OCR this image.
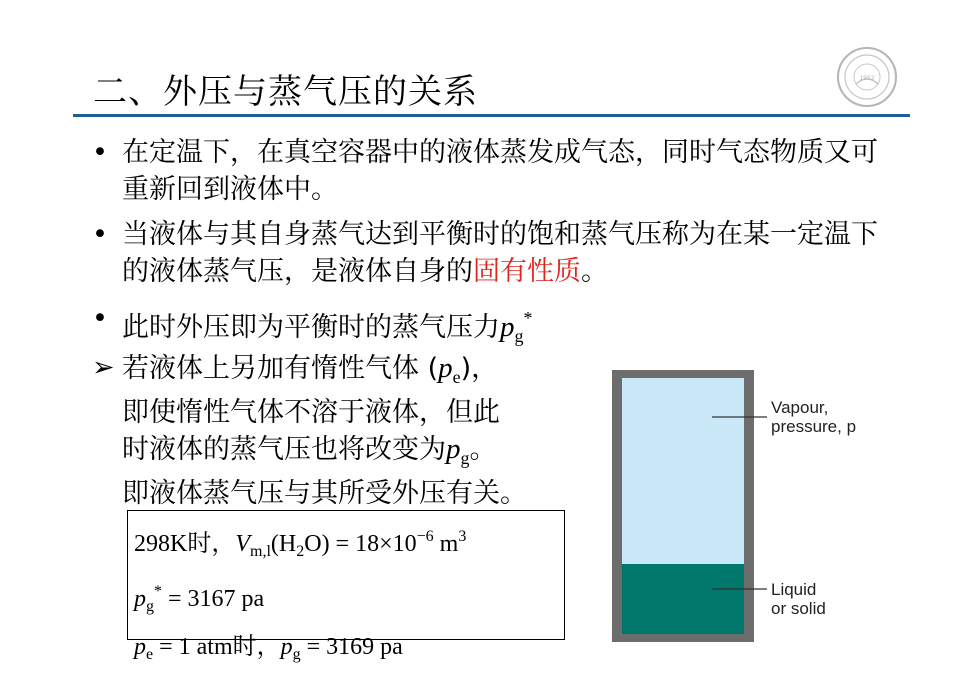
二、外压与蒸气压的关系	1952
• 在定温下，在真空容器中的液体蒸发成气态，同时气态物质又可重新回到液体中。
• 当液体与其自身蒸气达到平衡时的饱和蒸气压称为在某一定温下的液体蒸气压，是液体自身的固有性质。
• 此时外压即为平衡时的蒸气压力$p_g^*$
➢ 若液体上另加有惰性气体 $(p_e)$，
即使惰性气体不溶于液体，但此
时液体的蒸气压也将改变为$p_g$。
即液体蒸气压与其所受外压有关。
298K时，$V_{m,l}(H_2O) = 18\times 10^{-6}$ $m^3$
$p_g^* = 3167$ pa
$p_e = 1$ atm时，$p_g = 3169$ pa
Vapour,
pressure, p
Liquid
or solid
